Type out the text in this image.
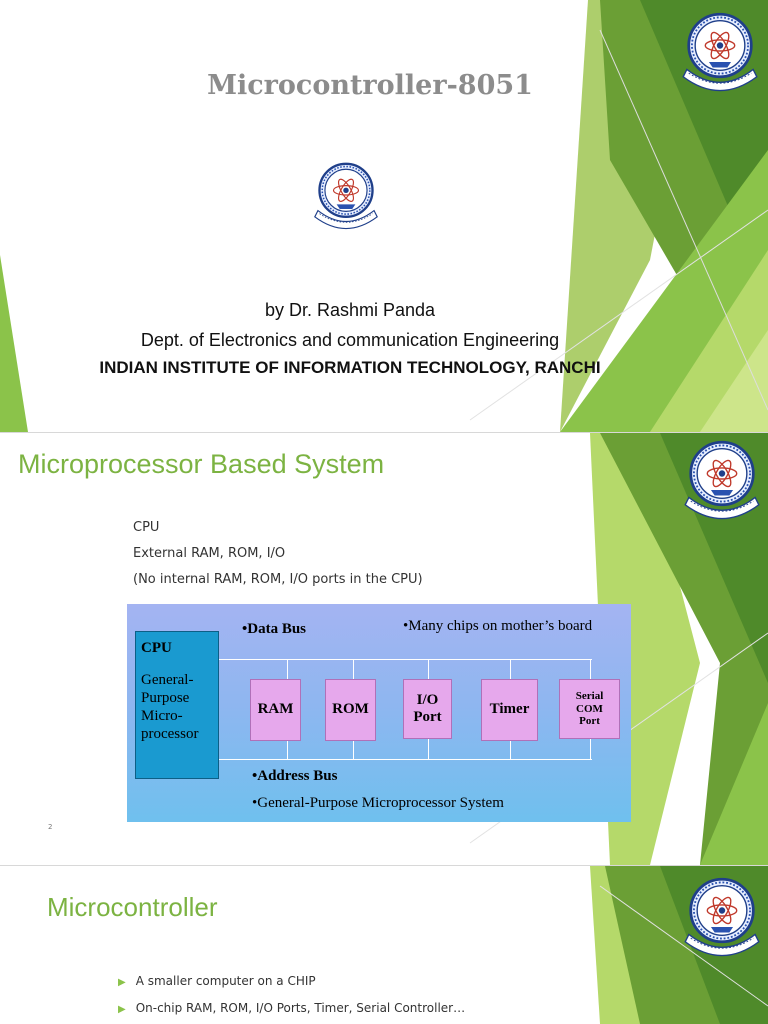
Microcontroller-8051
by Dr. Rashmi Panda
Dept. of Electronics and communication Engineering
INDIAN INSTITUTE OF INFORMATION TECHNOLOGY, RANCHI
Microprocessor Based System
CPU
External RAM, ROM, I/O
(No internal RAM, ROM, I/O ports in the CPU)
CPU
General-
Purpose
Micro-
processor
•Data Bus	•Many chips on mother’s board
RAM	ROM
I/O Port	Timer
Serial COM Port
•Address Bus
•General-Purpose Microprocessor System
2
Microcontroller
▶ A smaller computer on a CHIP
▶ On-chip RAM, ROM, I/O Ports, Timer, Serial Controller…
